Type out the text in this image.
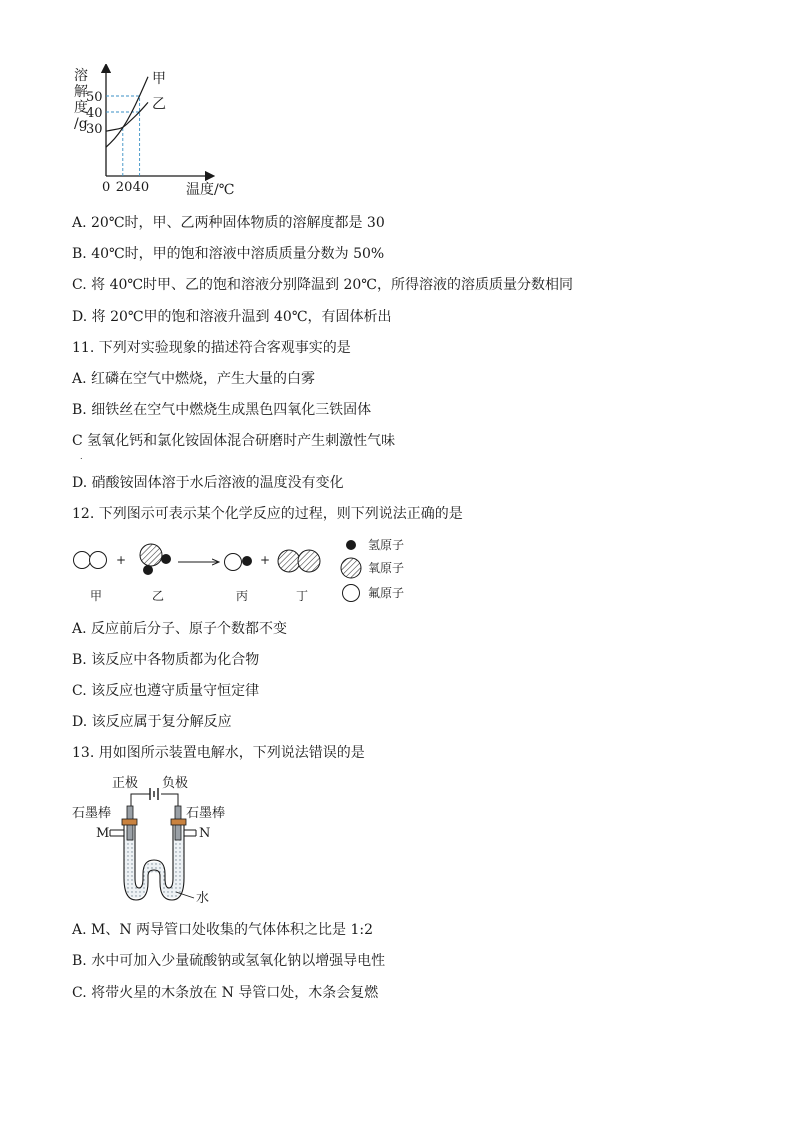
溶
解
度
/g
甲
乙
50
40
30
20 40
0	温度/℃
A. 20℃时，甲、乙两种固体物质的溶解度都是 30
B. 40℃时，甲的饱和溶液中溶质质量分数为 50%
C. 将 40℃时甲、乙的饱和溶液分别降温到 20℃，所得溶液的溶质质量分数相同
D. 将 20℃甲的饱和溶液升温到 40℃，有固体析出
11. 下列对实验现象的描述符合客观事实的是
A. 红磷在空气中燃烧，产生大量的白雾
B. 细铁丝在空气中燃烧生成黑色四氧化三铁固体
C 氢氧化钙和氯化铵固体混合研磨时产生刺激性气味
.
D. 硝酸铵固体溶于水后溶液的温度没有变化
12. 下列图示可表示某个化学反应的过程，则下列说法正确的是
+	+
甲	乙	丙	丁
氢原子
氧原子
氟原子
A. 反应前后分子、原子个数都不变
B. 该反应中各物质都为化合物
C. 该反应也遵守质量守恒定律
D. 该反应属于复分解反应
13. 用如图所示装置电解水，下列说法错误的是
正极 负极
石墨棒	石墨棒
M	N
水
A. M、N 两导管口处收集的气体体积之比是 1:2
B. 水中可加入少量硫酸钠或氢氧化钠以增强导电性
C. 将带火星的木条放在 N 导管口处，木条会复燃
